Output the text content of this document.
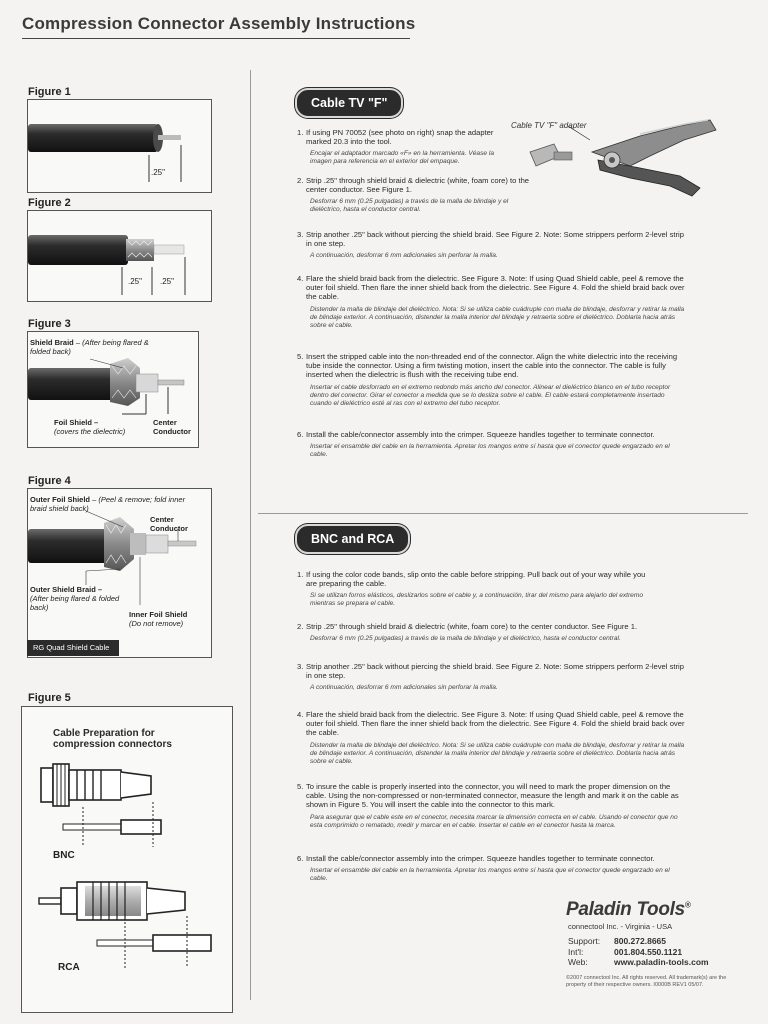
Compression Connector Assembly Instructions
Figure 1
.25"
Figure 2
.25" .25"
Figure 3
Shield Braid – (After being flared & folded back)
Foil Shield –
(covers the dielectric)
Center Conductor
Figure 4
Outer Foil Shield – (Peel & remove; fold inner braid shield back)
Center Conductor
Outer Shield Braid –
(After being flared & folded back)
Inner Foil Shield
(Do not remove)
RG Quad Shield Cable
Figure 5
Cable Preparation for
compression connectors
BNC
RCA
Cable TV "F"
Cable TV "F" adapter
1. If using PN 70052 (see photo on right) snap the adapter marked 20.3 into the tool.
Encajar el adaptador marcado «F» en la herramienta. Véase la imagen para referencia en el exterior del empaque.
2. Strip .25" through shield braid & dielectric (white, foam core) to the center conductor. See Figure 1.
Desforrar 6 mm (0.25 pulgadas) a través de la malla de blindaje y el dieléctrico, hasta el conductor central.
3. Strip another .25" back without piercing the shield braid. See Figure 2. Note: Some strippers perform 2-level strip in one step.
A continuación, desforrar 6 mm adicionales sin perforar la malla.
4. Flare the shield braid back from the dielectric. See Figure 3. Note: If using Quad Shield cable, peel & remove the outer foil shield. Then flare the inner shield back from the dielectric. See Figure 4. Fold the shield braid back over the cable.
Distender la malla de blindaje del dieléctrico. Nota: Si se utiliza cable cuádruple con malla de blindaje, desforrar y retirar la malla de blindaje exterior. A continuación, distender la malla interior del blindaje y retraerla sobre el dieléctrico. Doblarla hacia atrás sobre el cable.
5. Insert the stripped cable into the non-threaded end of the connector. Align the white dielectric into the receiving tube inside the connector. Using a firm twisting motion, insert the cable into the connector. The cable is fully inserted when the dielectric is flush with the receiving tube end.
Insertar el cable desforrado en el extremo redondo más ancho del conector. Alinear el dieléctrico blanco en el tubo receptor dentro del conector. Girar el conector a medida que se lo desliza sobre el cable. El cable estará completamente insertado cuando el dieléctrico esté al ras con el extremo del tubo receptor.
6. Install the cable/connector assembly into the crimper. Squeeze handles together to terminate connector.
Insertar el ensamble del cable en la herramienta. Apretar los mangos entre sí hasta que el conector quede engarzado en el cable.
BNC and RCA
1. If using the color code bands, slip onto the cable before stripping. Pull back out of your way while you are preparing the cable.
Si se utilizan forros elásticos, deslizarlos sobre el cable y, a continuación, tirar del mismo para alejarlo del extremo mientras se prepara el cable.
2. Strip .25" through shield braid & dielectric (white, foam core) to the center conductor. See Figure 1.
Desforrar 6 mm (0.25 pulgadas) a través de la malla de blindaje y el dieléctrico, hasta el conductor central.
3. Strip another .25" back without piercing the shield braid. See Figure 2. Note: Some strippers perform 2-level strip in one step.
A continuación, desforrar 6 mm adicionales sin perforar la malla.
4. Flare the shield braid back from the dielectric. See Figure 3. Note: If using Quad Shield cable, peel & remove the outer foil shield. Then flare the inner shield back from the dielectric. See Figure 4. Fold the shield braid back over the cable.
Distender la malla de blindaje del dieléctrico. Nota: Si se utiliza cable cuádruple con malla de blindaje, desforrar y retirar la malla de blindaje exterior. A continuación, distender la malla interior del blindaje y retraerla sobre el dieléctrico. Doblarla hacia atrás sobre el cable.
5. To insure the cable is properly inserted into the connector, you will need to mark the proper dimension on the cable. Using the non-compressed or non-terminated connector, measure the length and mark it on the cable as shown in Figure 5. You will insert the cable into the connector to this mark.
Para asegurar que el cable este en el conector, necesita marcar la dimensión correcta en el cable. Usando el conector que no esta comprimido o rematado, medir y marcar en el cable. Insertar el cable en el conector hasta la marca.
6. Install the cable/connector assembly into the crimper. Squeeze handles together to terminate connector.
Insertar el ensamble del cable en la herramienta. Apretar los mangos entre sí hasta que el conector quede engarzado en el cable.
Paladin Tools®
connectool Inc. - Virginia - USA
Support: 800.272.8665
Int'l:	001.804.550.1121
Web:	www.paladin-tools.com
©2007 connectool Inc. All rights reserved. All trademark(s) are the property of their respective owners. I0000B REV1 05/07.
